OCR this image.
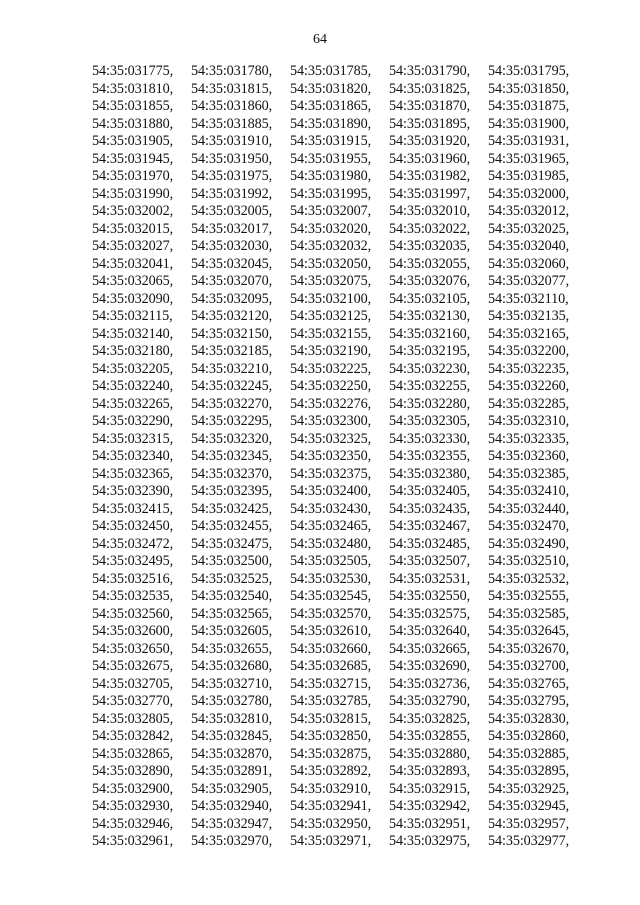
64
54:35:031775,	54:35:031780,	54:35:031785,	54:35:031790,	54:35:031795,
54:35:031810,	54:35:031815,	54:35:031820,	54:35:031825,	54:35:031850,
54:35:031855,	54:35:031860,	54:35:031865,	54:35:031870,	54:35:031875,
54:35:031880,	54:35:031885,	54:35:031890,	54:35:031895,	54:35:031900,
54:35:031905,	54:35:031910,	54:35:031915,	54:35:031920,	54:35:031931,
54:35:031945,	54:35:031950,	54:35:031955,	54:35:031960,	54:35:031965,
54:35:031970,	54:35:031975,	54:35:031980,	54:35:031982,	54:35:031985,
54:35:031990,	54:35:031992,	54:35:031995,	54:35:031997,	54:35:032000,
54:35:032002,	54:35:032005,	54:35:032007,	54:35:032010,	54:35:032012,
54:35:032015,	54:35:032017,	54:35:032020,	54:35:032022,	54:35:032025,
54:35:032027,	54:35:032030,	54:35:032032,	54:35:032035,	54:35:032040,
54:35:032041,	54:35:032045,	54:35:032050,	54:35:032055,	54:35:032060,
54:35:032065,	54:35:032070,	54:35:032075,	54:35:032076,	54:35:032077,
54:35:032090,	54:35:032095,	54:35:032100,	54:35:032105,	54:35:032110,
54:35:032115,	54:35:032120,	54:35:032125,	54:35:032130,	54:35:032135,
54:35:032140,	54:35:032150,	54:35:032155,	54:35:032160,	54:35:032165,
54:35:032180,	54:35:032185,	54:35:032190,	54:35:032195,	54:35:032200,
54:35:032205,	54:35:032210,	54:35:032225,	54:35:032230,	54:35:032235,
54:35:032240,	54:35:032245,	54:35:032250,	54:35:032255,	54:35:032260,
54:35:032265,	54:35:032270,	54:35:032276,	54:35:032280,	54:35:032285,
54:35:032290,	54:35:032295,	54:35:032300,	54:35:032305,	54:35:032310,
54:35:032315,	54:35:032320,	54:35:032325,	54:35:032330,	54:35:032335,
54:35:032340,	54:35:032345,	54:35:032350,	54:35:032355,	54:35:032360,
54:35:032365,	54:35:032370,	54:35:032375,	54:35:032380,	54:35:032385,
54:35:032390,	54:35:032395,	54:35:032400,	54:35:032405,	54:35:032410,
54:35:032415,	54:35:032425,	54:35:032430,	54:35:032435,	54:35:032440,
54:35:032450,	54:35:032455,	54:35:032465,	54:35:032467,	54:35:032470,
54:35:032472,	54:35:032475,	54:35:032480,	54:35:032485,	54:35:032490,
54:35:032495,	54:35:032500,	54:35:032505,	54:35:032507,	54:35:032510,
54:35:032516,	54:35:032525,	54:35:032530,	54:35:032531,	54:35:032532,
54:35:032535,	54:35:032540,	54:35:032545,	54:35:032550,	54:35:032555,
54:35:032560,	54:35:032565,	54:35:032570,	54:35:032575,	54:35:032585,
54:35:032600,	54:35:032605,	54:35:032610,	54:35:032640,	54:35:032645,
54:35:032650,	54:35:032655,	54:35:032660,	54:35:032665,	54:35:032670,
54:35:032675,	54:35:032680,	54:35:032685,	54:35:032690,	54:35:032700,
54:35:032705,	54:35:032710,	54:35:032715,	54:35:032736,	54:35:032765,
54:35:032770,	54:35:032780,	54:35:032785,	54:35:032790,	54:35:032795,
54:35:032805,	54:35:032810,	54:35:032815,	54:35:032825,	54:35:032830,
54:35:032842,	54:35:032845,	54:35:032850,	54:35:032855,	54:35:032860,
54:35:032865,	54:35:032870,	54:35:032875,	54:35:032880,	54:35:032885,
54:35:032890,	54:35:032891,	54:35:032892,	54:35:032893,	54:35:032895,
54:35:032900,	54:35:032905,	54:35:032910,	54:35:032915,	54:35:032925,
54:35:032930,	54:35:032940,	54:35:032941,	54:35:032942,	54:35:032945,
54:35:032946,	54:35:032947,	54:35:032950,	54:35:032951,	54:35:032957,
54:35:032961,	54:35:032970,	54:35:032971,	54:35:032975,	54:35:032977,
